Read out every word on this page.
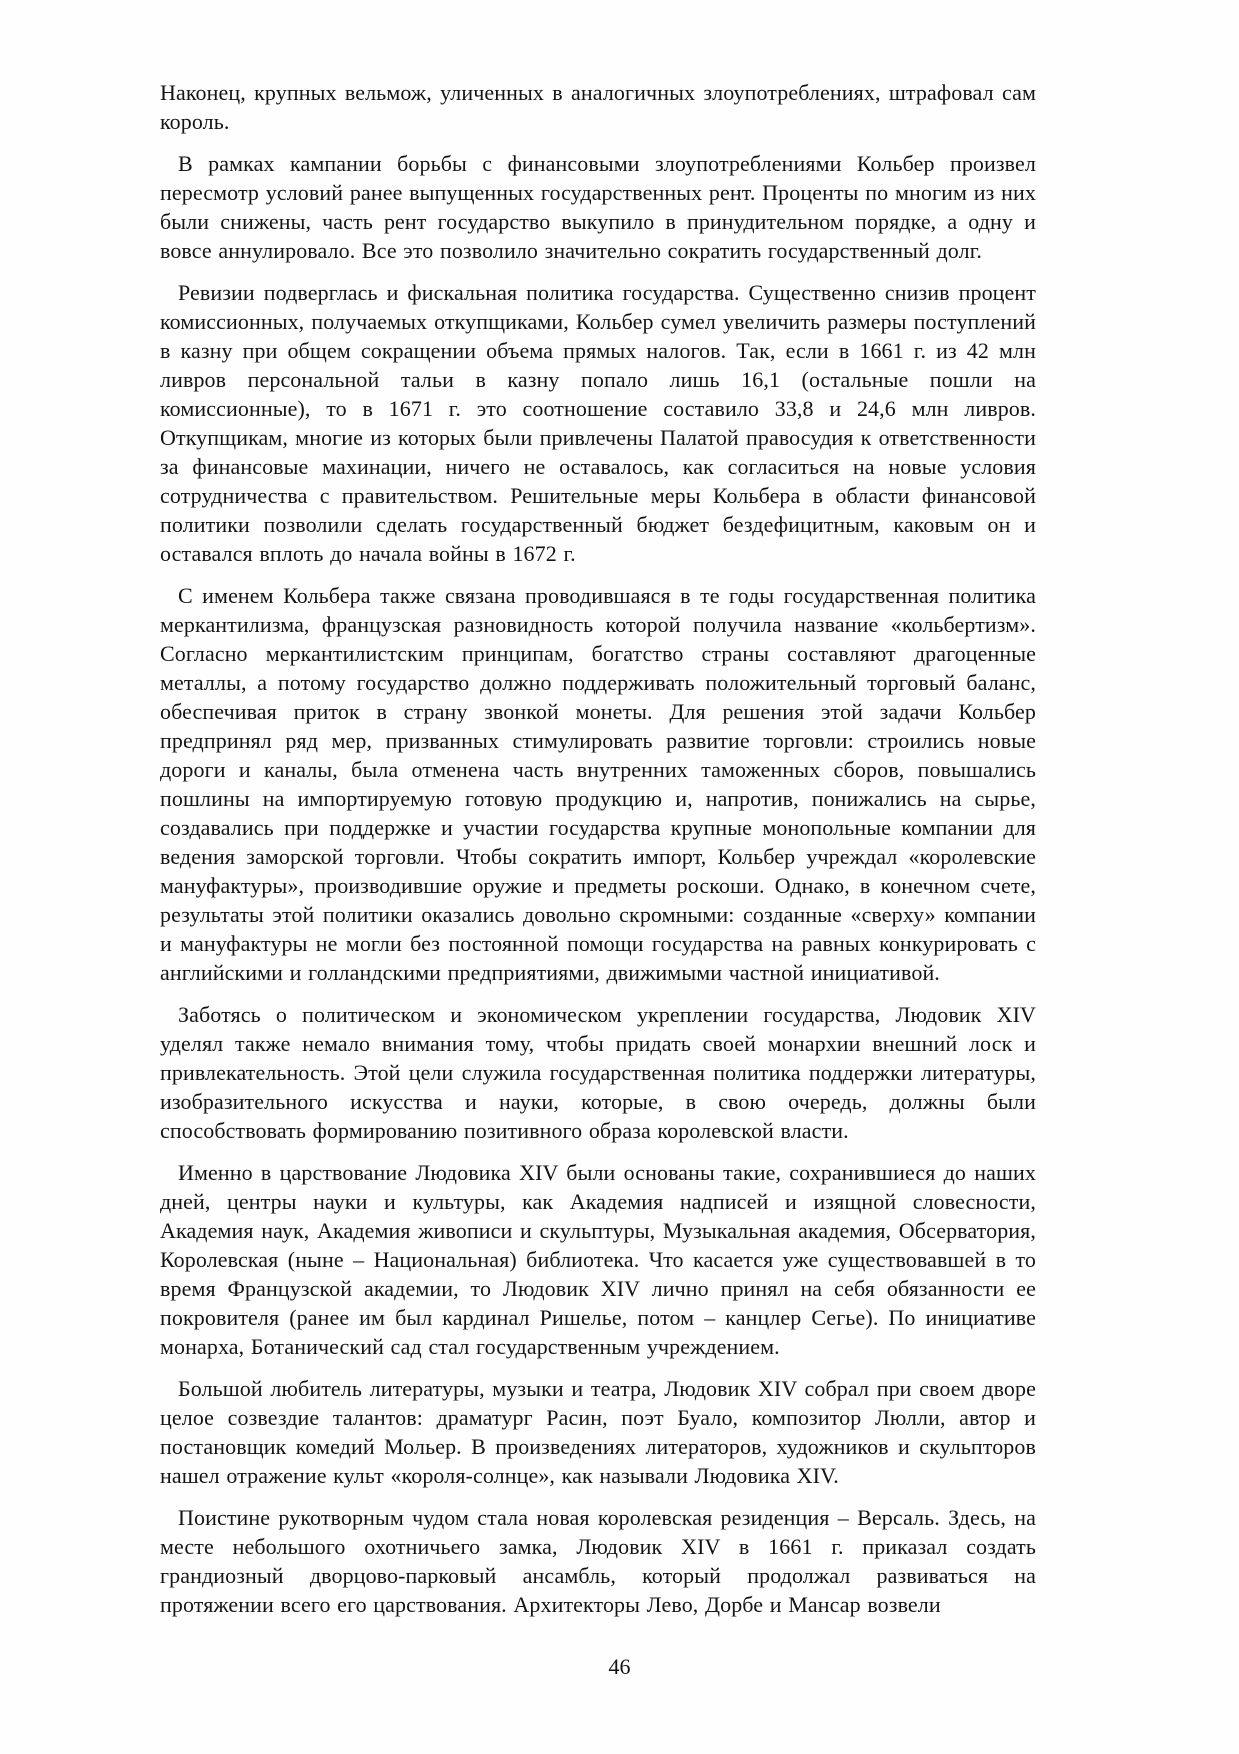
Наконец, крупных вельмож, уличенных в аналогичных злоупотреблениях, штрафовал сам король.

В рамках кампании борьбы с финансовыми злоупотреблениями Кольбер произвел пересмотр условий ранее выпущенных государственных рент. Проценты по многим из них были снижены, часть рент государство выкупило в принудительном порядке, а одну и вовсе аннулировало. Все это позволило значительно сократить государственный долг.

Ревизии подверглась и фискальная политика государства. Существенно снизив процент комиссионных, получаемых откупщиками, Кольбер сумел увеличить размеры поступлений в казну при общем сокращении объема прямых налогов. Так, если в 1661 г. из 42 млн ливров персональной тальи в казну попало лишь 16,1 (остальные пошли на комиссионные), то в 1671 г. это соотношение составило 33,8 и 24,6 млн ливров. Откупщикам, многие из которых были привлечены Палатой правосудия к ответственности за финансовые махинации, ничего не оставалось, как согласиться на новые условия сотрудничества с правительством. Решительные меры Кольбера в области финансовой политики позволили сделать государственный бюджет бездефицитным, каковым он и оставался вплоть до начала войны в 1672 г.

С именем Кольбера также связана проводившаяся в те годы государственная политика меркантилизма, французская разновидность которой получила название «кольбертизм». Согласно меркантилистским принципам, богатство страны составляют драгоценные металлы, а потому государство должно поддерживать положительный торговый баланс, обеспечивая приток в страну звонкой монеты. Для решения этой задачи Кольбер предпринял ряд мер, призванных стимулировать развитие торговли: строились новые дороги и каналы, была отменена часть внутренних таможенных сборов, повышались пошлины на импортируемую готовую продукцию и, напротив, понижались на сырье, создавались при поддержке и участии государства крупные монопольные компании для ведения заморской торговли. Чтобы сократить импорт, Кольбер учреждал «королевские мануфактуры», производившие оружие и предметы роскоши. Однако, в конечном счете, результаты этой политики оказались довольно скромными: созданные «сверху» компании и мануфактуры не могли без постоянной помощи государства на равных конкурировать с английскими и голландскими предприятиями, движимыми частной инициативой.

Заботясь о политическом и экономическом укреплении государства, Людовик XIV уделял также немало внимания тому, чтобы придать своей монархии внешний лоск и привлекательность. Этой цели служила государственная политика поддержки литературы, изобразительного искусства и науки, которые, в свою очередь, должны были способствовать формированию позитивного образа королевской власти.

Именно в царствование Людовика XIV были основаны такие, сохранившиеся до наших дней, центры науки и культуры, как Академия надписей и изящной словесности, Академия наук, Академия живописи и скульптуры, Музыкальная академия, Обсерватория, Королевская (ныне – Национальная) библиотека. Что касается уже существовавшей в то время Французской академии, то Людовик XIV лично принял на себя обязанности ее покровителя (ранее им был кардинал Ришелье, потом – канцлер Сегье). По инициативе монарха, Ботанический сад стал государственным учреждением.

Большой любитель литературы, музыки и театра, Людовик XIV собрал при своем дворе целое созвездие талантов: драматург Расин, поэт Буало, композитор Люлли, автор и постановщик комедий Мольер. В произведениях литераторов, художников и скульпторов нашел отражение культ «короля-солнце», как называли Людовика XIV.

Поистине рукотворным чудом стала новая королевская резиденция – Версаль. Здесь, на месте небольшого охотничьего замка, Людовик XIV в 1661 г. приказал создать грандиозный дворцово-парковый ансамбль, который продолжал развиваться на протяжении всего его царствования. Архитекторы Лево, Дорбе и Мансар возвели

46
